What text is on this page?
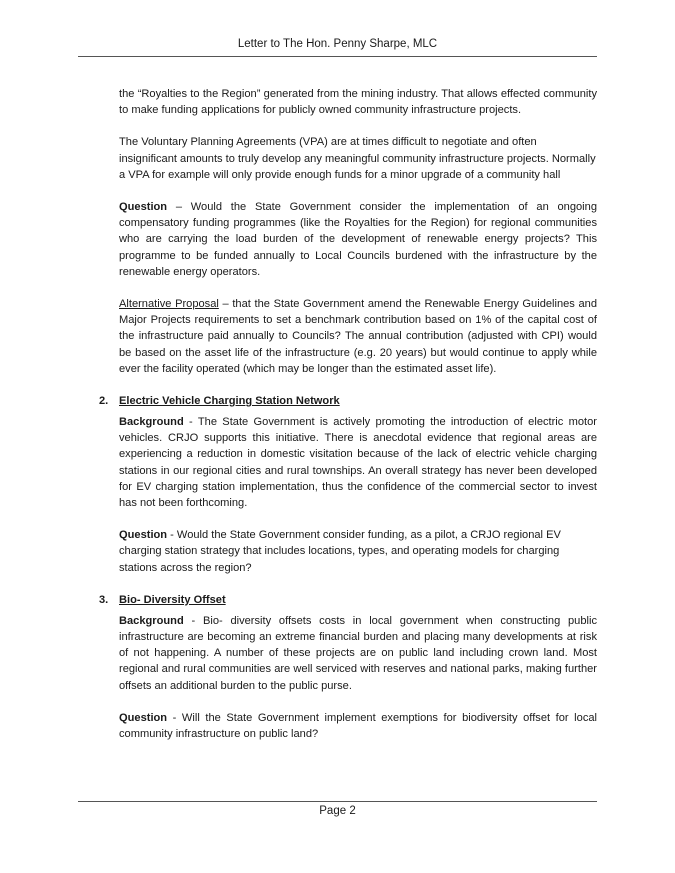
Letter to The Hon. Penny Sharpe, MLC

the “Royalties to the Region” generated from the mining industry. That allows effected community to make funding applications for publicly owned community infrastructure projects.

The Voluntary Planning Agreements (VPA) are at times difficult to negotiate and often insignificant amounts to truly develop any meaningful community infrastructure projects. Normally a VPA for example will only provide enough funds for a minor upgrade of a community hall

Question – Would the State Government consider the implementation of an ongoing compensatory funding programmes (like the Royalties for the Region) for regional communities who are carrying the load burden of the development of renewable energy projects? This programme to be funded annually to Local Councils burdened with the infrastructure by the renewable energy operators.

Alternative Proposal – that the State Government amend the Renewable Energy Guidelines and Major Projects requirements to set a benchmark contribution based on 1% of the capital cost of the infrastructure paid annually to Councils? The annual contribution (adjusted with CPI) would be based on the asset life of the infrastructure (e.g. 20 years) but would continue to apply while ever the facility operated (which may be longer than the estimated asset life).

2. Electric Vehicle Charging Station Network

Background - The State Government is actively promoting the introduction of electric motor vehicles. CRJO supports this initiative. There is anecdotal evidence that regional areas are experiencing a reduction in domestic visitation because of the lack of electric vehicle charging stations in our regional cities and rural townships. An overall strategy has never been developed for EV charging station implementation, thus the confidence of the commercial sector to invest has not been forthcoming.

Question - Would the State Government consider funding, as a pilot, a CRJO regional EV charging station strategy that includes locations, types, and operating models for charging stations across the region?

3. Bio- Diversity Offset

Background - Bio- diversity offsets costs in local government when constructing public infrastructure are becoming an extreme financial burden and placing many developments at risk of not happening. A number of these projects are on public land including crown land. Most regional and rural communities are well serviced with reserves and national parks, making further offsets an additional burden to the public purse.

Question - Will the State Government implement exemptions for biodiversity offset for local community infrastructure on public land?

Page 2
